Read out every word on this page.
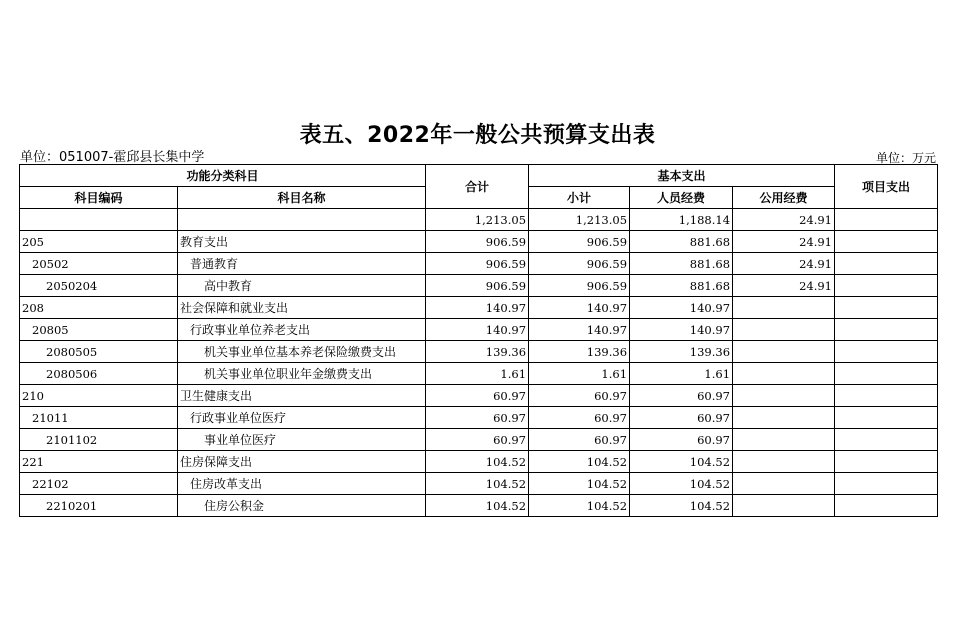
表五、2022年一般公共预算支出表
单位：051007-霍邱县长集中学	单位：万元
功能分类科目		合计	基本支出			项目支出
科目编码	科目名称		小计	人员经费	公用经费	
		1,213.05	1,213.05	1,188.14	24.91	
205	教育支出	906.59	906.59	881.68	24.91	
20502	普通教育	906.59	906.59	881.68	24.91	
2050204	高中教育	906.59	906.59	881.68	24.91	
208	社会保障和就业支出	140.97	140.97	140.97		
20805	行政事业单位养老支出	140.97	140.97	140.97		
2080505	机关事业单位基本养老保险缴费支出	139.36	139.36	139.36		
2080506	机关事业单位职业年金缴费支出	1.61	1.61	1.61		
210	卫生健康支出	60.97	60.97	60.97		
21011	行政事业单位医疗	60.97	60.97	60.97		
2101102	事业单位医疗	60.97	60.97	60.97		
221	住房保障支出	104.52	104.52	104.52		
22102	住房改革支出	104.52	104.52	104.52		
2210201	住房公积金	104.52	104.52	104.52		
